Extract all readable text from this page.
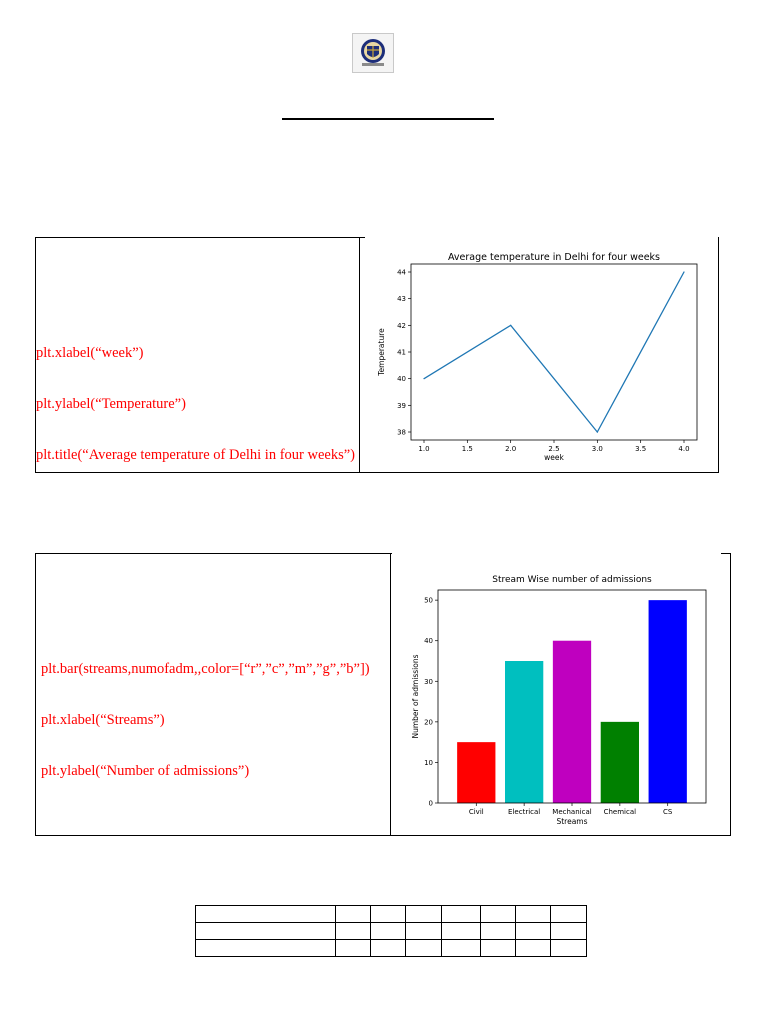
plt.xlabel(“week”)

plt.ylabel(“Temperature”)

plt.title(“Average temperature of Delhi in four weeks”)

Average temperature in Delhi for four weeks
1.0	1.5	2.0	2.5	3.0	3.5	4.0
38
39
40
41
42
43
44
week
Temperature

plt.bar(streams,numofadm,,color=[“r”,”c”,”m”,”g”,”b”])

plt.xlabel(“Streams”)

plt.ylabel(“Number of admissions”)

Stream Wise number of admissions
Civil	Electrical Mechanical Chemical	CS
0
10
20
30
40
50
Streams
Number of admissions
